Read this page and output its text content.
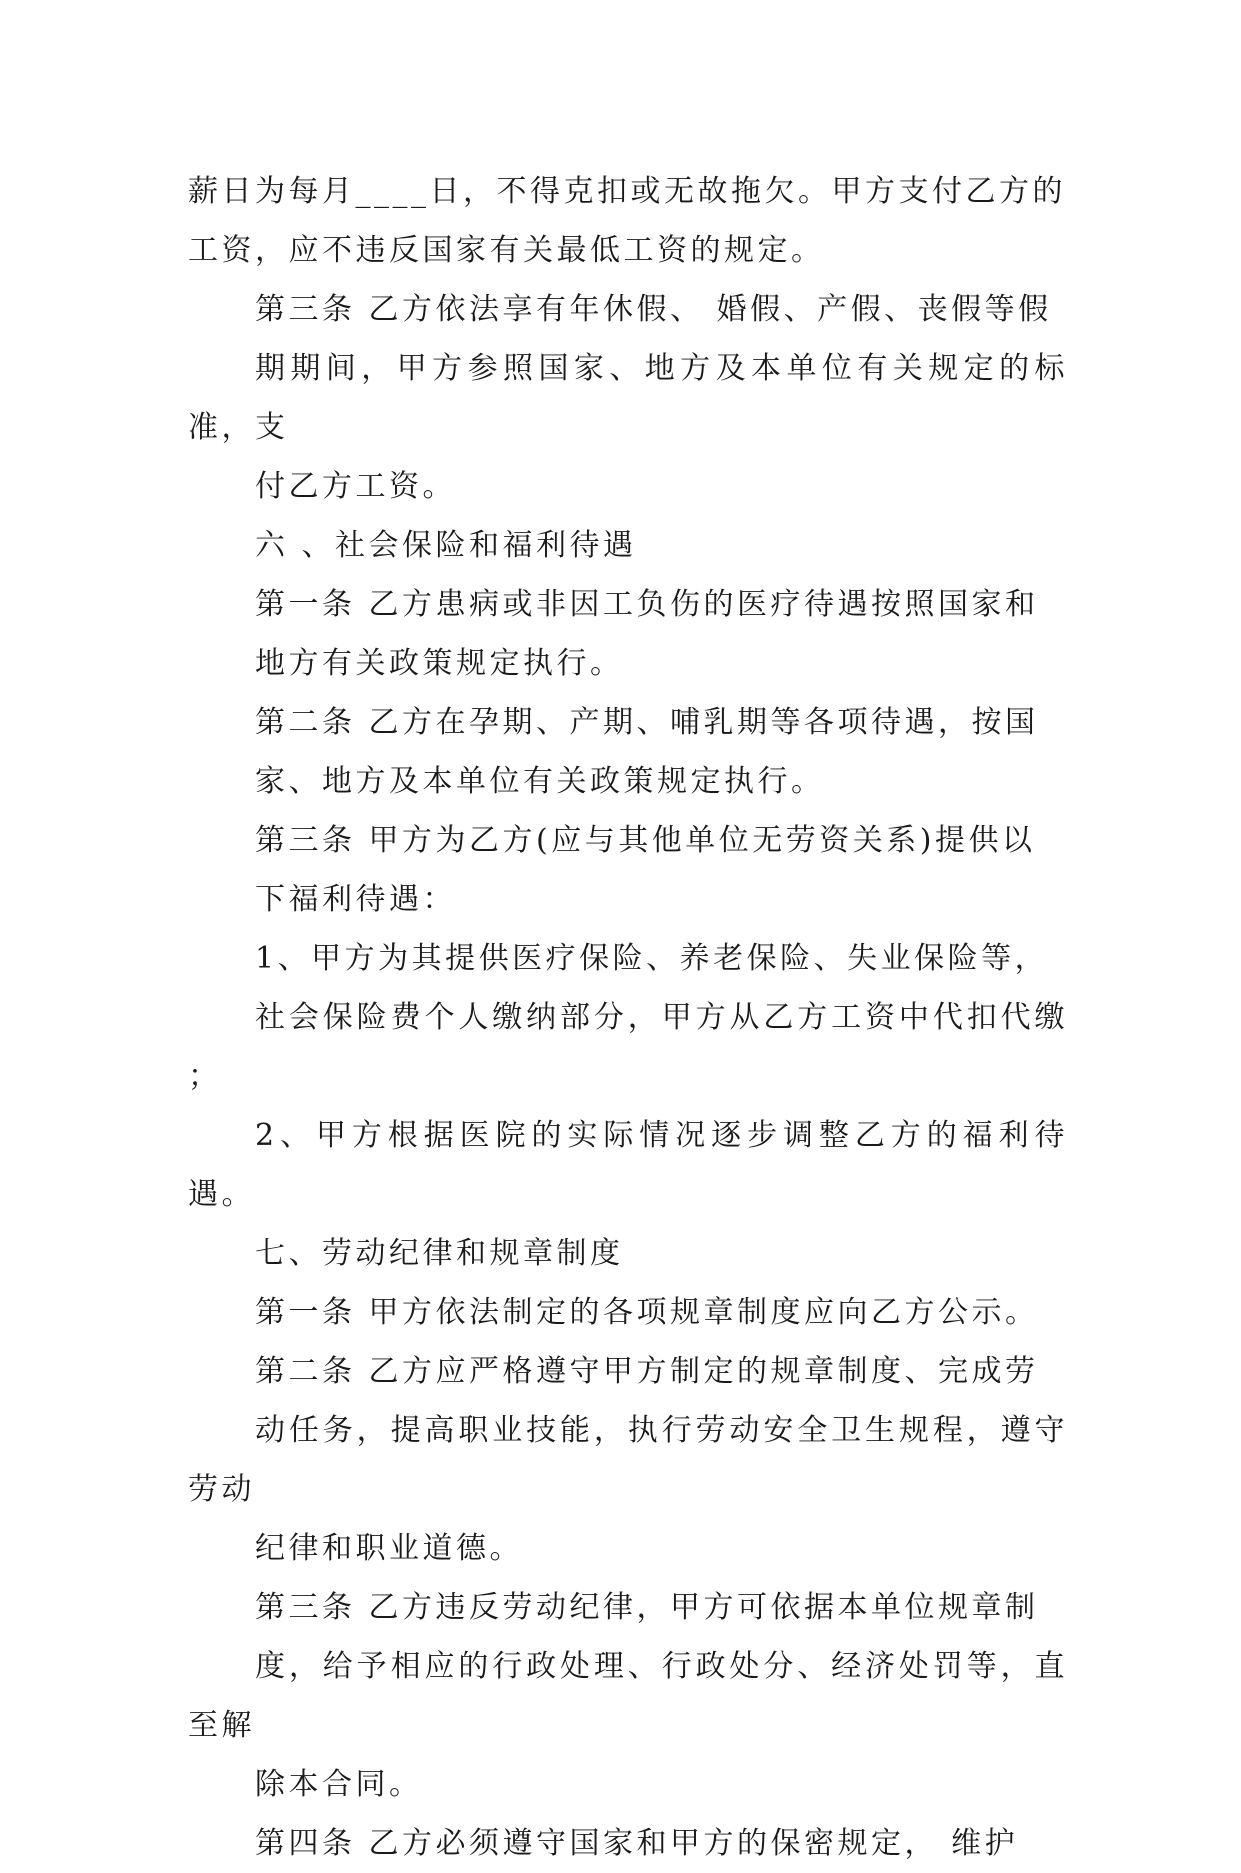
薪日为每月____日，不得克扣或无故拖欠。甲方支付乙方的
工资，应不违反国家有关最低工资的规定。

第三条 乙方依法享有年休假、 婚假、产假、丧假等假
期期间，甲方参照国家、地方及本单位有关规定的标准，支
付乙方工资。

六 、社会保险和福利待遇

第一条 乙方患病或非因工负伤的医疗待遇按照国家和
地方有关政策规定执行。

第二条 乙方在孕期、产期、哺乳期等各项待遇，按国
家、地方及本单位有关政策规定执行。

第三条 甲方为乙方(应与其他单位无劳资关系)提供以
下福利待遇：

1、甲方为其提供医疗保险、养老保险、失业保险等，
社会保险费个人缴纳部分，甲方从乙方工资中代扣代缴 ；

2、甲方根据医院的实际情况逐步调整乙方的福利待遇。

七、劳动纪律和规章制度

第一条 甲方依法制定的各项规章制度应向乙方公示。

第二条 乙方应严格遵守甲方制定的规章制度、完成劳
动任务，提高职业技能，执行劳动安全卫生规程，遵守劳动
纪律和职业道德。

第三条 乙方违反劳动纪律，甲方可依据本单位规章制
度，给予相应的行政处理、行政处分、经济处罚等，直至解
除本合同。

第四条 乙方必须遵守国家和甲方的保密规定， 维护
